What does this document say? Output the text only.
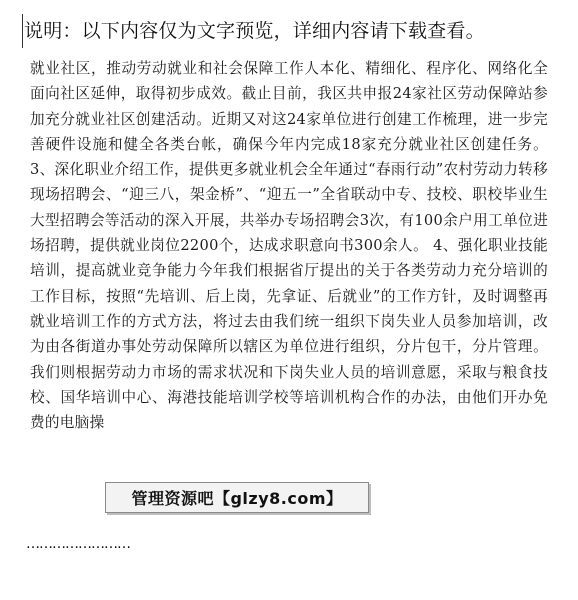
说明：以下内容仅为文字预览，详细内容请下载查看。

就业社区，推动劳动就业和社会保障工作人本化、精细化、程序化、网络化全面向社区延伸，取得初步成效。截止目前，我区共申报24家社区劳动保障站参加充分就业社区创建活动。近期又对这24家单位进行创建工作梳理，进一步完善硬件设施和健全各类台帐，确保今年内完成18家充分就业社区创建任务。3、深化职业介绍工作，提供更多就业机会全年通过“春雨行动”农村劳动力转移现场招聘会、“迎三八，架金桥”、“迎五一”全省联动中专、技校、职校毕业生大型招聘会等活动的深入开展，共举办专场招聘会3次，有100余户用工单位进场招聘，提供就业岗位2200个，达成求职意向书300余人。 4、强化职业技能培训，提高就业竞争能力今年我们根据省厅提出的关于各类劳动力充分培训的工作目标，按照“先培训、后上岗，先拿证、后就业”的工作方针，及时调整再就业培训工作的方式方法，将过去由我们统一组织下岗失业人员参加培训，改为由各街道办事处劳动保障所以辖区为单位进行组织，分片包干，分片管理。我们则根据劳动力市场的需求状况和下岗失业人员的培训意愿，采取与粮食技校、国华培训中心、海港技能培训学校等培训机构合作的办法，由他们开办免费的电脑操

……………………
管理资源吧【glzy8.com】
